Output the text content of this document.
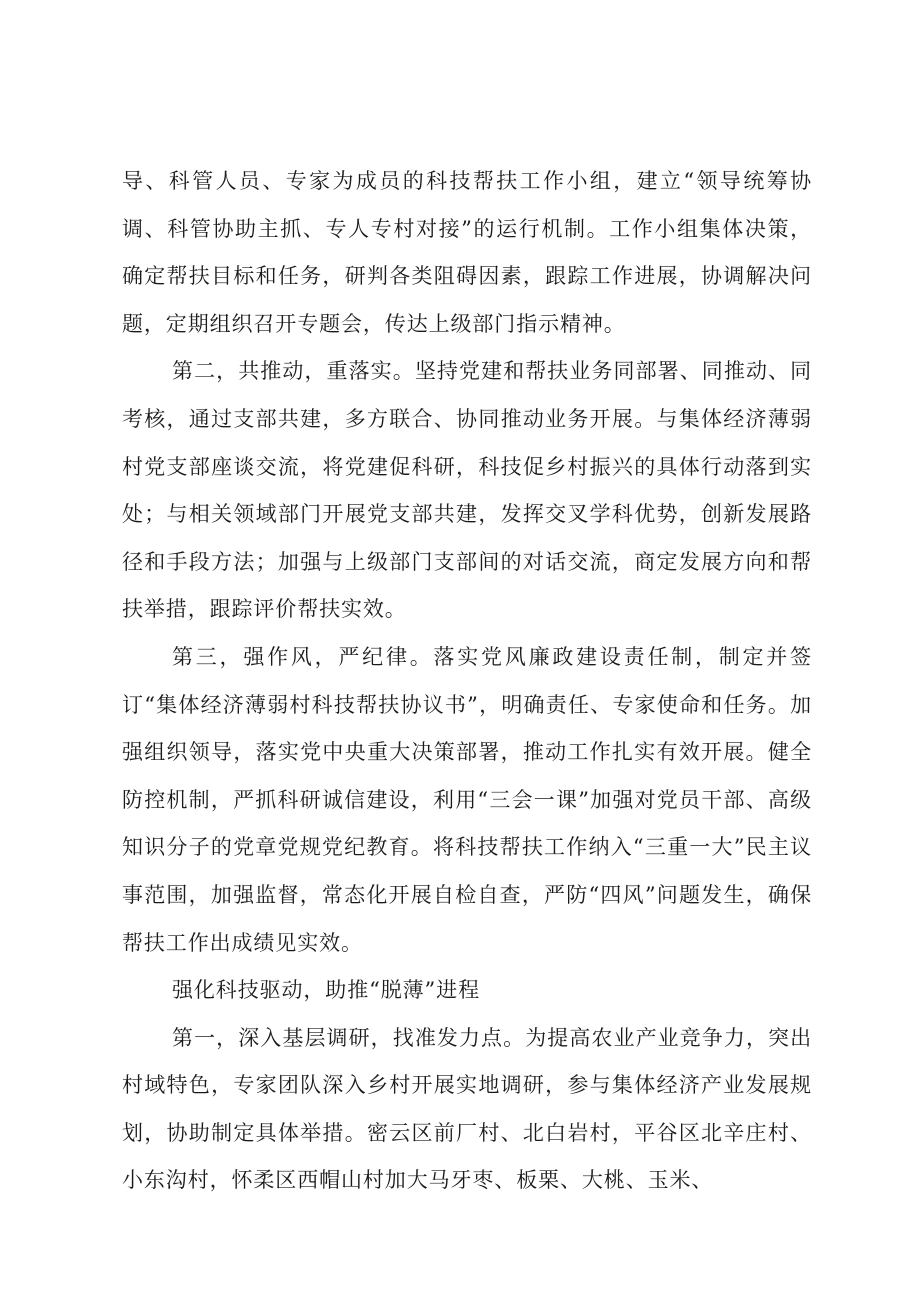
导、科管人员、专家为成员的科技帮扶工作小组，建立“领导统筹协调、科管协助主抓、专人专村对接”的运行机制。工作小组集体决策，确定帮扶目标和任务，研判各类阻碍因素，跟踪工作进展，协调解决问题，定期组织召开专题会，传达上级部门指示精神。

第二，共推动，重落实。坚持党建和帮扶业务同部署、同推动、同考核，通过支部共建，多方联合、协同推动业务开展。与集体经济薄弱村党支部座谈交流，将党建促科研，科技促乡村振兴的具体行动落到实处；与相关领域部门开展党支部共建，发挥交叉学科优势，创新发展路径和手段方法；加强与上级部门支部间的对话交流，商定发展方向和帮扶举措，跟踪评价帮扶实效。

第三，强作风，严纪律。落实党风廉政建设责任制，制定并签订“集体经济薄弱村科技帮扶协议书”，明确责任、专家使命和任务。加强组织领导，落实党中央重大决策部署，推动工作扎实有效开展。健全防控机制，严抓科研诚信建设，利用“三会一课”加强对党员干部、高级知识分子的党章党规党纪教育。将科技帮扶工作纳入“三重一大”民主议事范围，加强监督，常态化开展自检自查，严防“四风”问题发生，确保帮扶工作出成绩见实效。

强化科技驱动，助推“脱薄”进程

第一，深入基层调研，找准发力点。为提高农业产业竞争力，突出村域特色，专家团队深入乡村开展实地调研，参与集体经济产业发展规划，协助制定具体举措。密云区前厂村、北白岩村，平谷区北辛庄村、小东沟村，怀柔区西帽山村加大马牙枣、板栗、大桃、玉米、
